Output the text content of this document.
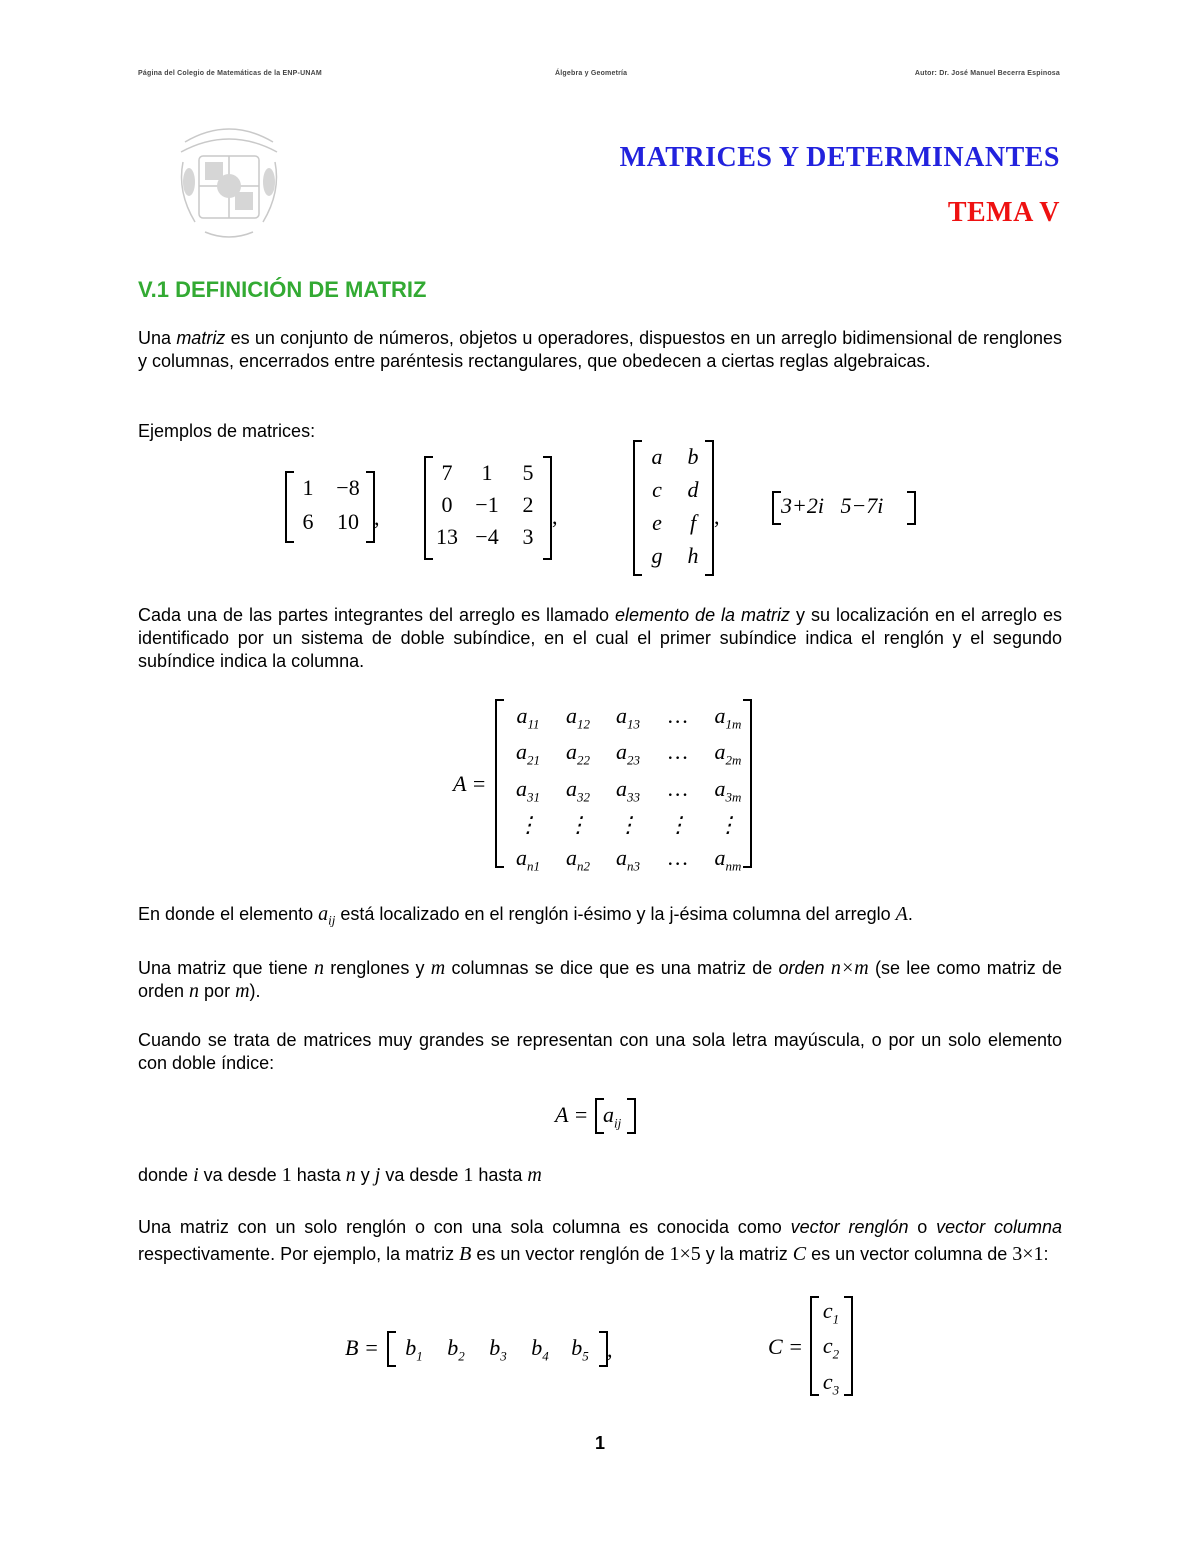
Página del Colegio de Matemáticas de la ENP-UNAM	Álgebra y Geometría	Autor: Dr. José Manuel Becerra Espinosa
MATRICES Y DETERMINANTES
TEMA V
V.1 DEFINICIÓN DE MATRIZ
Una matriz es un conjunto de números, objetos u operadores, dispuestos en un arreglo bidimensional de renglones y columnas, encerrados entre paréntesis rectangulares, que obedecen a ciertas reglas algebraicas.
Ejemplos de matrices:
1	−8
6	10 ,
7	1	5
0	−1	2
13 −4	3
,
a	b
c	d
e	f
g	h
,	3+2i   5−7i
Cada una de las partes integrantes del arreglo es llamado elemento de la matriz y su localización en el arreglo es identificado por un sistema de doble subíndice, en el cual el primer subíndice indica el renglón y el segundo subíndice indica la columna.
A =
$a_{11}$	$a_{12}$	$a_{13}$	…	$a_{1m}$
$a_{21}$	$a_{22}$	$a_{23}$	…	$a_{2m}$
$a_{31}$	$a_{32}$	$a_{33}$	…	$a_{3m}$
⋮	⋮	⋮	⋮	⋮
$a_{n1}$	$a_{n2}$	$a_{n3}$	…	$a_{nm}$
En donde el elemento $a_{ij}$ está localizado en el renglón i-ésimo y la j-ésima columna del arreglo A.
Una matriz que tiene n renglones y m columnas se dice que es una matriz de orden n×m (se lee como matriz de orden n por m).
Cuando se trata de matrices muy grandes se representan con una sola letra mayúscula, o por un solo elemento con doble índice:
$A = a_{ij}$
donde i va desde 1 hasta n y j va desde 1 hasta m
Una matriz con un solo renglón o con una sola columna es conocida como vector renglón o vector columna respectivamente. Por ejemplo, la matriz B es un vector renglón de 1×5 y la matriz C es un vector columna de 3×1:
B =	$b_1$	$b_2$	$b_3$	$b_4$	$b_5$ ,	C =
$c_1$
$c_2$
$c_3$
1
